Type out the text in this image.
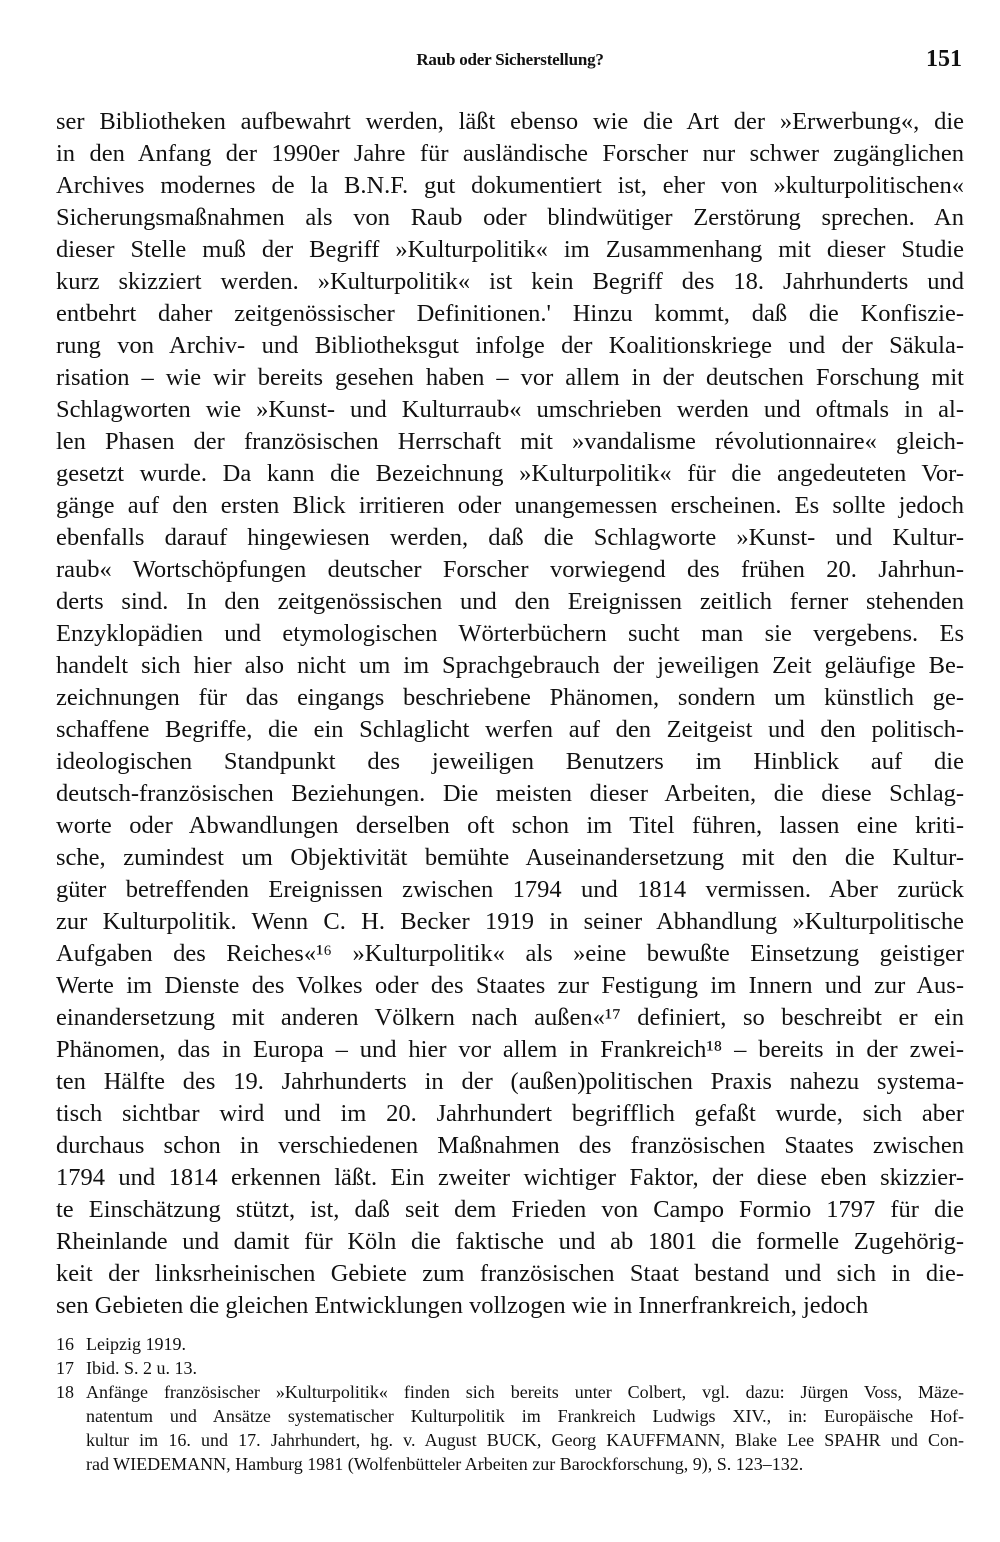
Raub oder Sicherstellung?	151
ser Bibliotheken aufbewahrt werden, läßt ebenso wie die Art der »Erwerbung«, die
in den Anfang der 1990er Jahre für ausländische Forscher nur schwer zugänglichen
Archives modernes de la B.N.F. gut dokumentiert ist, eher von »kulturpolitischen«
Sicherungsmaßnahmen als von Raub oder blindwütiger Zerstörung sprechen. An
dieser Stelle muß der Begriff »Kulturpolitik« im Zusammenhang mit dieser Studie
kurz skizziert werden. »Kulturpolitik« ist kein Begriff des 18. Jahrhunderts und
entbehrt daher zeitgenössischer Definitionen.' Hinzu kommt, daß die Konfiszie-
rung von Archiv- und Bibliotheksgut infolge der Koalitionskriege und der Säkula-
risation – wie wir bereits gesehen haben – vor allem in der deutschen Forschung mit
Schlagworten wie »Kunst- und Kulturraub« umschrieben werden und oftmals in al-
len Phasen der französischen Herrschaft mit »vandalisme révolutionnaire« gleich-
gesetzt wurde. Da kann die Bezeichnung »Kulturpolitik« für die angedeuteten Vor-
gänge auf den ersten Blick irritieren oder unangemessen erscheinen. Es sollte jedoch
ebenfalls darauf hingewiesen werden, daß die Schlagworte »Kunst- und Kultur-
raub« Wortschöpfungen deutscher Forscher vorwiegend des frühen 20. Jahrhun-
derts sind. In den zeitgenössischen und den Ereignissen zeitlich ferner stehenden
Enzyklopädien und etymologischen Wörterbüchern sucht man sie vergebens. Es
handelt sich hier also nicht um im Sprachgebrauch der jeweiligen Zeit geläufige Be-
zeichnungen für das eingangs beschriebene Phänomen, sondern um künstlich ge-
schaffene Begriffe, die ein Schlaglicht werfen auf den Zeitgeist und den politisch-
ideologischen Standpunkt des jeweiligen Benutzers im Hinblick auf die
deutsch-französischen Beziehungen. Die meisten dieser Arbeiten, die diese Schlag-
worte oder Abwandlungen derselben oft schon im Titel führen, lassen eine kriti-
sche, zumindest um Objektivität bemühte Auseinandersetzung mit den die Kultur-
güter betreffenden Ereignissen zwischen 1794 und 1814 vermissen. Aber zurück
zur Kulturpolitik. Wenn C. H. Becker 1919 in seiner Abhandlung »Kulturpolitische
Aufgaben des Reiches«¹⁶ »Kulturpolitik« als »eine bewußte Einsetzung geistiger
Werte im Dienste des Volkes oder des Staates zur Festigung im Innern und zur Aus-
einandersetzung mit anderen Völkern nach außen«¹⁷ definiert, so beschreibt er ein
Phänomen, das in Europa – und hier vor allem in Frankreich¹⁸ – bereits in der zwei-
ten Hälfte des 19. Jahrhunderts in der (außen)politischen Praxis nahezu systema-
tisch sichtbar wird und im 20. Jahrhundert begrifflich gefaßt wurde, sich aber
durchaus schon in verschiedenen Maßnahmen des französischen Staates zwischen
1794 und 1814 erkennen läßt. Ein zweiter wichtiger Faktor, der diese eben skizzier-
te Einschätzung stützt, ist, daß seit dem Frieden von Campo Formio 1797 für die
Rheinlande und damit für Köln die faktische und ab 1801 die formelle Zugehörig-
keit der linksrheinischen Gebiete zum französischen Staat bestand und sich in die-
sen Gebieten die gleichen Entwicklungen vollzogen wie in Innerfrankreich, jedoch
16 Leipzig 1919.
17 Ibid. S. 2 u. 13.
18 Anfänge französischer »Kulturpolitik« finden sich bereits unter Colbert, vgl. dazu: Jürgen Voss, Mäze-
natentum und Ansätze systematischer Kulturpolitik im Frankreich Ludwigs XIV., in: Europäische Hof-
kultur im 16. und 17. Jahrhundert, hg. v. August BUCK, Georg KAUFFMANN, Blake Lee SPAHR und Con-
rad WIEDEMANN, Hamburg 1981 (Wolfenbütteler Arbeiten zur Barockforschung, 9), S. 123–132.
